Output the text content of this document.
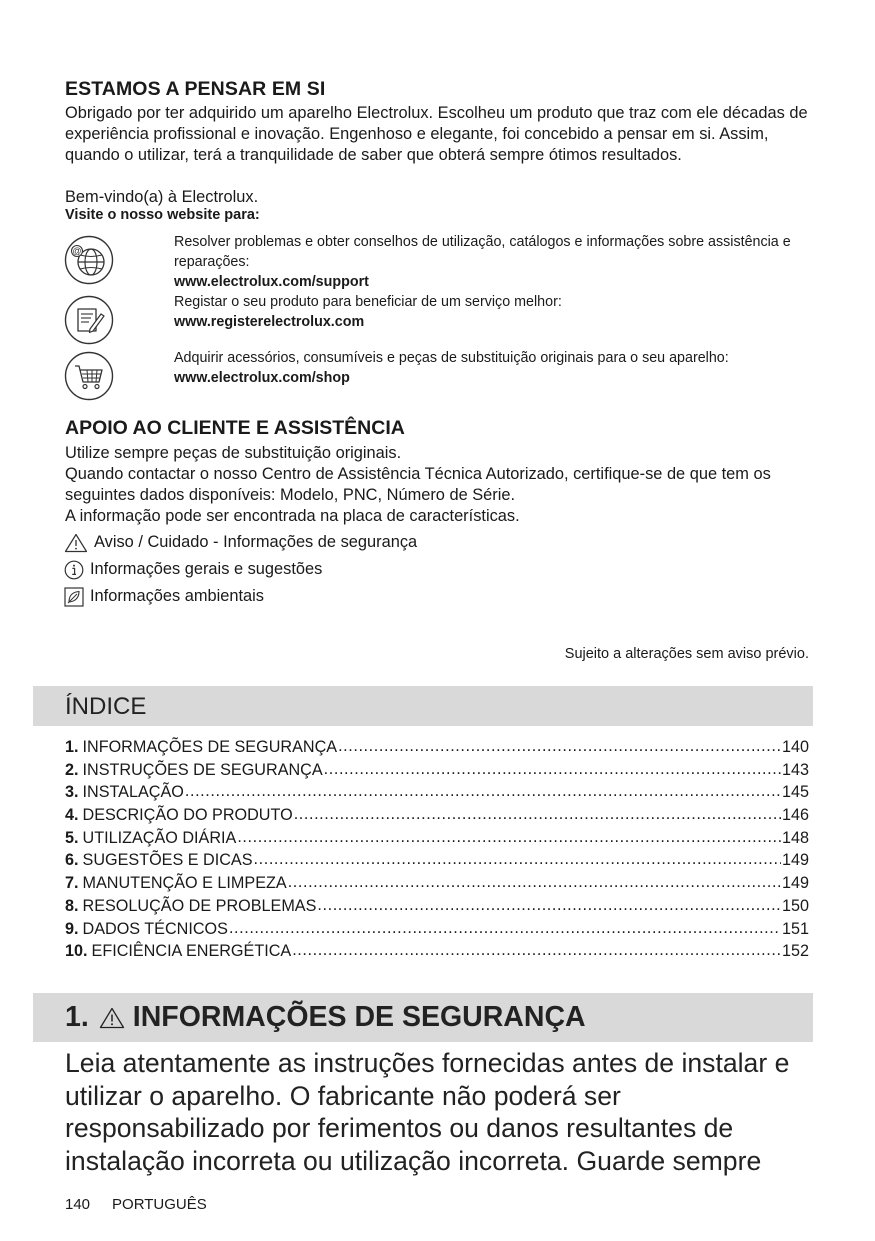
ESTAMOS A PENSAR EM SI

Obrigado por ter adquirido um aparelho Electrolux. Escolheu um produto que traz com ele décadas de experiência profissional e inovação. Engenhoso e elegante, foi concebido a pensar em si. Assim, quando o utilizar, terá a tranquilidade de saber que obterá sempre ótimos resultados.

Bem-vindo(a) à Electrolux.

Visite o nosso website para:

@

Resolver problemas e obter conselhos de utilização, catálogos e informações sobre assistência e reparações:
www.electrolux.com/support

Registar o seu produto para beneficiar de um serviço melhor:
www.registerelectrolux.com

Adquirir acessórios, consumíveis e peças de substituição originais para o seu aparelho:
www.electrolux.com/shop

APOIO AO CLIENTE E ASSISTÊNCIA

Utilize sempre peças de substituição originais.

Quando contactar o nosso Centro de Assistência Técnica Autorizado, certifique-se de que tem os seguintes dados disponíveis: Modelo, PNC, Número de Série.

A informação pode ser encontrada na placa de características.

Aviso / Cuidado - Informações de segurança
Informações gerais e sugestões
Informações ambientais

Sujeito a alterações sem aviso prévio.

ÍNDICE
1. INFORMAÇÕES DE SEGURANÇA .....	140
2. INSTRUÇÕES DE SEGURANÇA .....	143
3. INSTALAÇÃO .....	145
4. DESCRIÇÃO DO PRODUTO .....	146
5. UTILIZAÇÃO DIÁRIA .....	148
6. SUGESTÕES E DICAS .....	149
7. MANUTENÇÃO E LIMPEZA .....	149
8. RESOLUÇÃO DE PROBLEMAS .....	150
9. DADOS TÉCNICOS .....	151
10. EFICIÊNCIA ENERGÉTICA .....	152
1. INFORMAÇÕES DE SEGURANÇA

Leia atentamente as instruções fornecidas antes de instalar e utilizar o aparelho. O fabricante não poderá ser responsabilizado por ferimentos ou danos resultantes de instalação incorreta ou utilização incorreta. Guarde sempre

140 PORTUGUÊS
